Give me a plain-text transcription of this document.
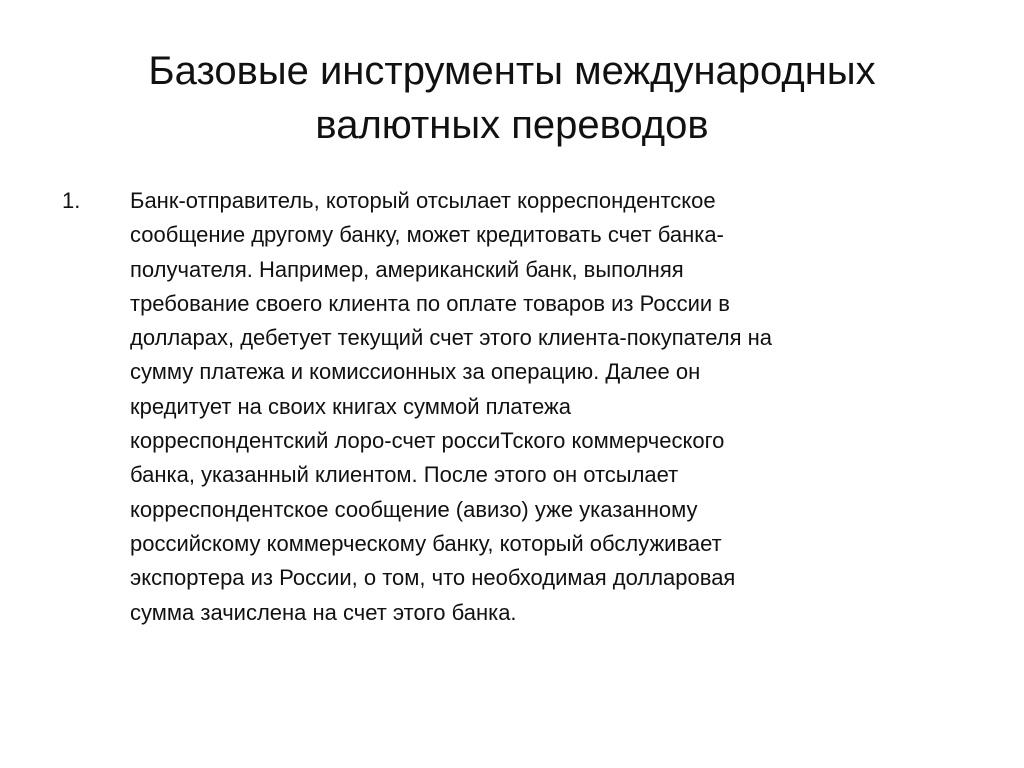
Базовые инструменты международных
валютных переводов
1. Банк-отправитель, который отсылает корреспондентское
сообщение другому банку, может кредитовать счет банка-
получателя. Например, американский банк, выполняя
требование своего клиента по оплате товаров из России в
долларах, дебетует текущий счет этого клиента-покупателя на
сумму платежа и комиссионных за операцию. Далее он
кредитует на своих книгах суммой платежа
корреспондентский лоро-счет россиТского коммерческого
банка, указанный клиентом. После этого он отсылает
корреспондентское сообщение (авизо) уже указанному
российскому коммерческому банку, который обслуживает
экспортера из России, о том, что необходимая долларовая
сумма зачислена на счет этого банка.
